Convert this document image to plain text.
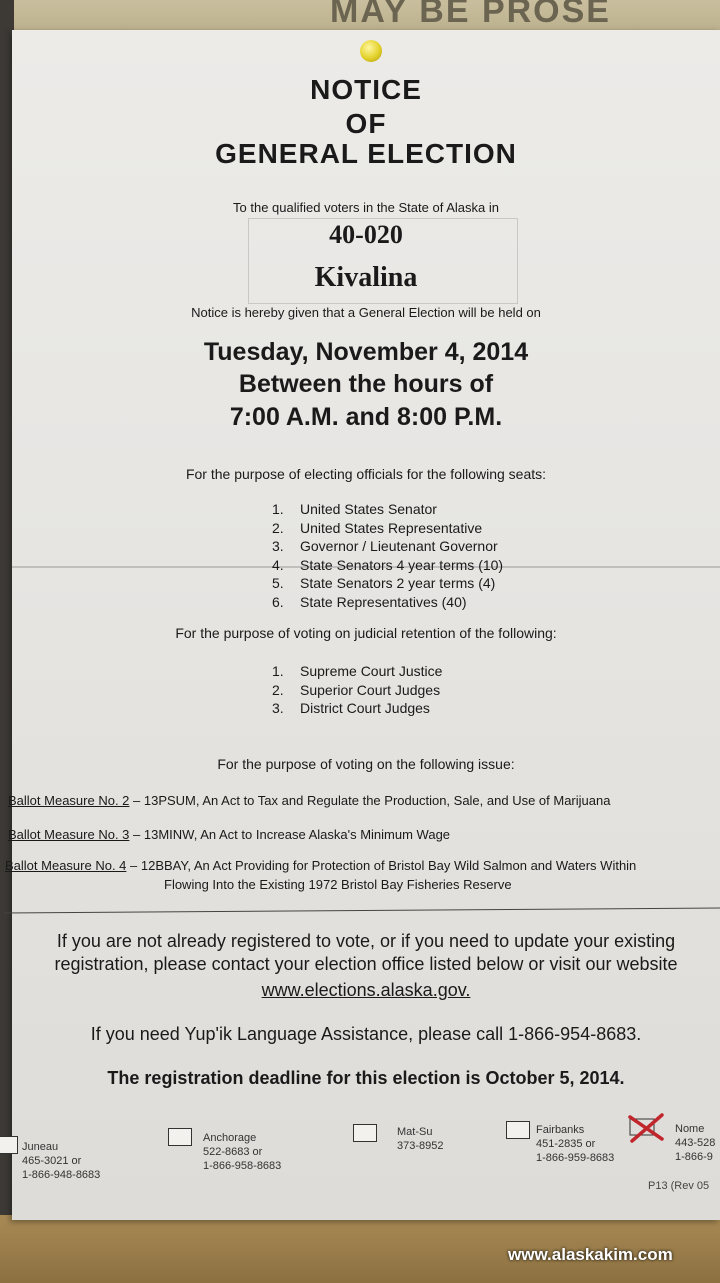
MAY BE PROSE
NOTICE
OF
GENERAL ELECTION
To the qualified voters in the State of Alaska in
40-020
Kivalina
Notice is hereby given that a General Election will be held on
Tuesday, November 4, 2014
Between the hours of
7:00 A.M. and 8:00 P.M.
For the purpose of electing officials for the following seats:
1. United States Senator
2. United States Representative
3. Governor / Lieutenant Governor
4. State Senators 4 year terms (10)
5. State Senators 2 year terms (4)
6. State Representatives (40)
For the purpose of voting on judicial retention of the following:
1. Supreme Court Justice
2. Superior Court Judges
3. District Court Judges
For the purpose of voting on the following issue:
Ballot Measure No. 2 – 13PSUM, An Act to Tax and Regulate the Production, Sale, and Use of Marijuana
Ballot Measure No. 3 – 13MINW, An Act to Increase Alaska's Minimum Wage
Ballot Measure No. 4 – 12BBAY, An Act Providing for Protection of Bristol Bay Wild Salmon and Waters Within
Flowing Into the Existing 1972 Bristol Bay Fisheries Reserve
If you are not already registered to vote, or if you need to update your existing
registration, please contact your election office listed below or visit our website
www.elections.alaska.gov.
If you need Yup'ik Language Assistance, please call 1-866-954-8683.
The registration deadline for this election is October 5, 2014.
Juneau
465-3021 or
1-866-948-8683
Anchorage
522-8683 or
1-866-958-8683
Mat-Su
373-8952
Fairbanks
451-2835 or
1-866-959-8683
Nome
443-528
1-866-9
P13 (Rev 05
www.alaskakim.com
